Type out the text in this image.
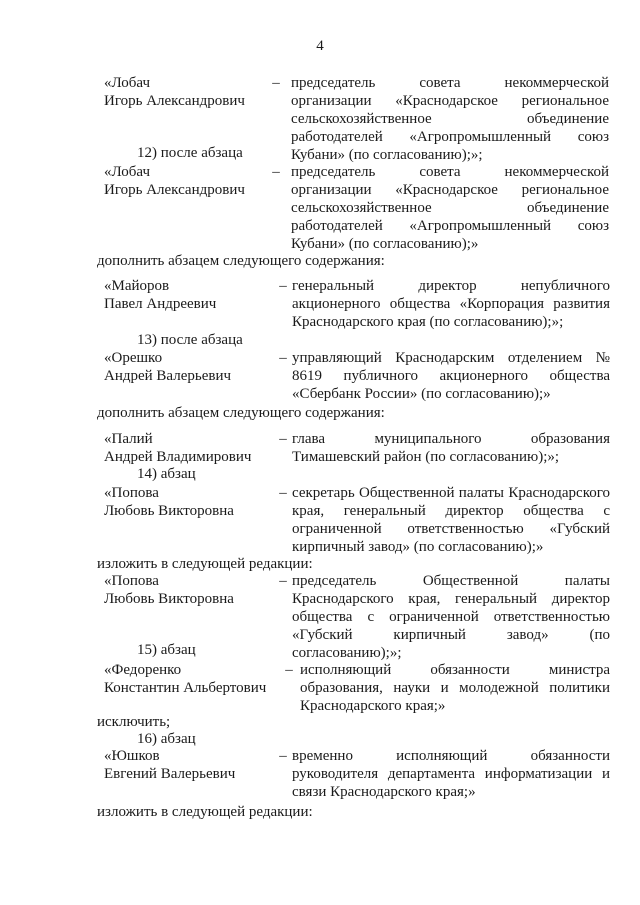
4
«Лобач
Игорь Александрович
– председатель совета некоммерческой организации «Краснодарское региональное сельскохозяйственное объединение работодателей «Агропромышленный союз Кубани» (по согласованию);»;
12) после абзаца
«Лобач
Игорь Александрович
– председатель совета некоммерческой организации «Краснодарское региональное сельскохозяйственное объединение работодателей «Агропромышленный союз Кубани» (по согласованию);»
дополнить абзацем следующего содержания:
«Майоров
Павел Андреевич
– генеральный директор непубличного акционерного общества «Корпорация развития Краснодарского края (по согласованию);»;
13) после абзаца
«Орешко
Андрей Валерьевич
– управляющий Краснодарским отделением № 8619 публичного акционерного общества «Сбербанк России» (по согласованию);»
дополнить абзацем следующего содержания:
«Палий
Андрей Владимирович
– глава муниципального образования Тимашевский район (по согласованию);»;
14) абзац
«Попова
Любовь Викторовна
– секретарь Общественной палаты Краснодарского края, генеральный директор общества с ограниченной ответственностью «Губский кирпичный завод» (по согласованию);»
изложить в следующей редакции:
«Попова
Любовь Викторовна
– председатель Общественной палаты Краснодарского края, генеральный директор общества с ограниченной ответственностью «Губский кирпичный завод» (по согласованию);»;
15) абзац
«Федоренко
Константин Альбертович
– исполняющий обязанности министра образования, науки и молодежной политики Краснодарского края;»
исключить;
16) абзац
«Юшков
Евгений Валерьевич
– временно исполняющий обязанности руководителя департамента информатизации и связи Краснодарского края;»
изложить в следующей редакции:
